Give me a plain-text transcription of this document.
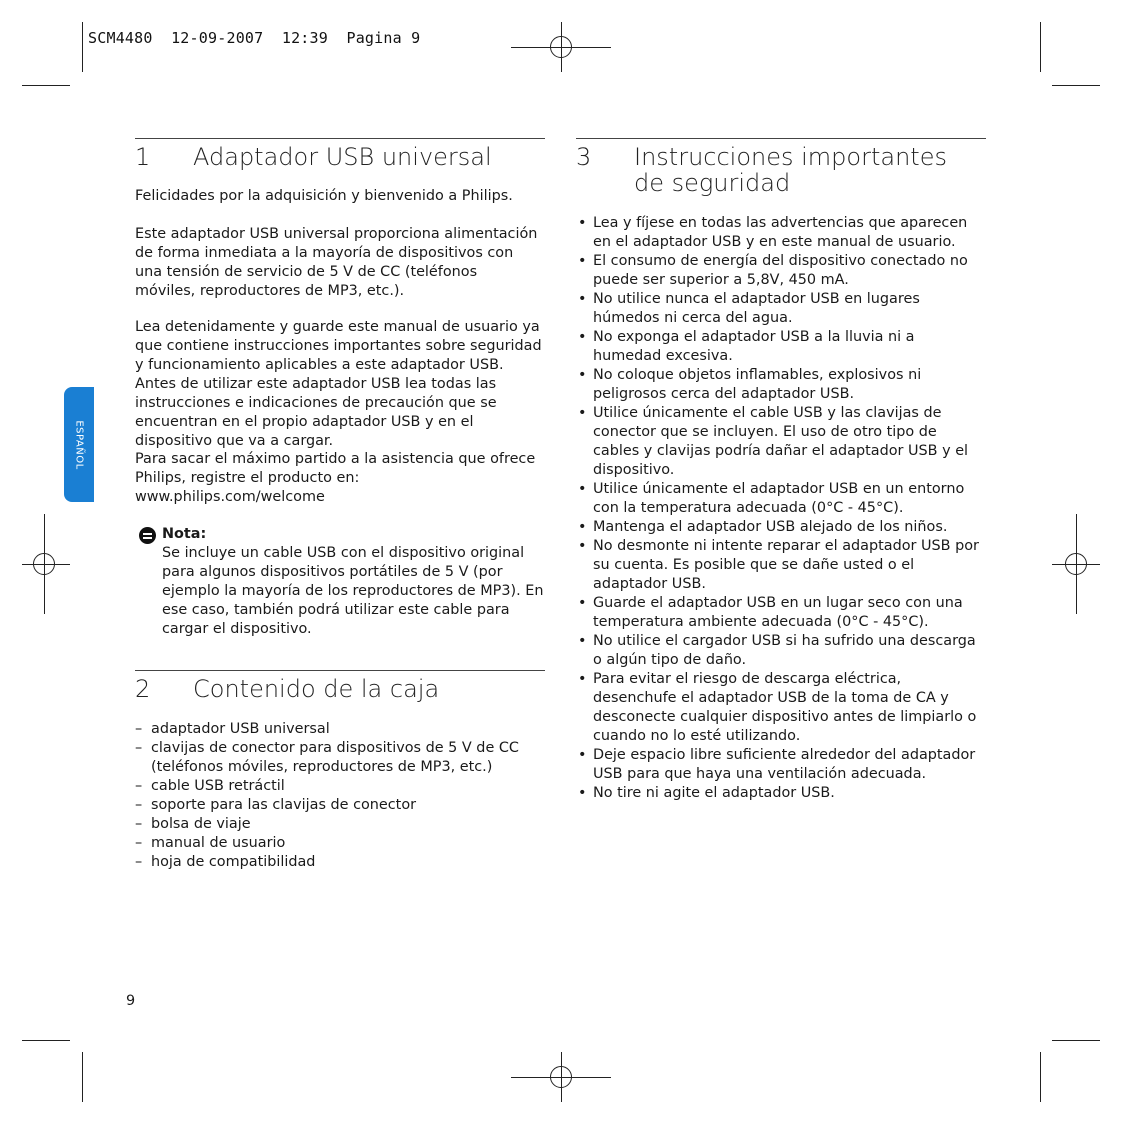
SCM4480  12-09-2007  12:39  Pagina 9
ESPAÑOL
1 Adaptador USB universal

Felicidades por la adquisición y bienvenido a Philips.

Este adaptador USB universal proporciona alimentación de forma inmediata a la mayoría de dispositivos con una tensión de servicio de 5 V de CC (teléfonos móviles, reproductores de MP3, etc.).

Lea detenidamente y guarde este manual de usuario ya que contiene instrucciones importantes sobre seguridad y funcionamiento aplicables a este adaptador USB. Antes de utilizar este adaptador USB lea todas las instrucciones e indicaciones de precaución que se encuentran en el propio adaptador USB y en el dispositivo que va a cargar.

Para sacar el máximo partido a la asistencia que ofrece Philips, registre el producto en: www.philips.com/welcome

Nota:

Se incluye un cable USB con el dispositivo original para algunos dispositivos portátiles de 5 V (por ejemplo la mayoría de los reproductores de MP3). En ese caso, también podrá utilizar este cable para cargar el dispositivo.

2 Contenido de la caja
– adaptador USB universal
– clavijas de conector para dispositivos de 5 V de CC (teléfonos móviles, reproductores de MP3, etc.)
– cable USB retráctil
– soporte para las clavijas de conector
– bolsa de viaje
– manual de usuario
– hoja de compatibilidad
3 Instrucciones importantes de seguridad
• Lea y fíjese en todas las advertencias que aparecen en el adaptador USB y en este manual de usuario.
• El consumo de energía del dispositivo conectado no puede ser superior a 5,8V, 450 mA.
• No utilice nunca el adaptador USB en lugares húmedos ni cerca del agua.
• No exponga el adaptador USB a la lluvia ni a humedad excesiva.
• No coloque objetos inflamables, explosivos ni peligrosos cerca del adaptador USB.
• Utilice únicamente el cable USB y las clavijas de conector que se incluyen. El uso de otro tipo de cables y clavijas podría dañar el adaptador USB y el dispositivo.
• Utilice únicamente el adaptador USB en un entorno con la temperatura adecuada (0°C - 45°C).
• Mantenga el adaptador USB alejado de los niños.
• No desmonte ni intente reparar el adaptador USB por su cuenta. Es posible que se dañe usted o el adaptador USB.
• Guarde el adaptador USB en un lugar seco con una temperatura ambiente adecuada (0°C - 45°C).
• No utilice el cargador USB si ha sufrido una descarga o algún tipo de daño.
• Para evitar el riesgo de descarga eléctrica, desenchufe el adaptador USB de la toma de CA y desconecte cualquier dispositivo antes de limpiarlo o cuando no lo esté utilizando.
• Deje espacio libre suficiente alrededor del adaptador USB para que haya una ventilación adecuada.
• No tire ni agite el adaptador USB.
9
